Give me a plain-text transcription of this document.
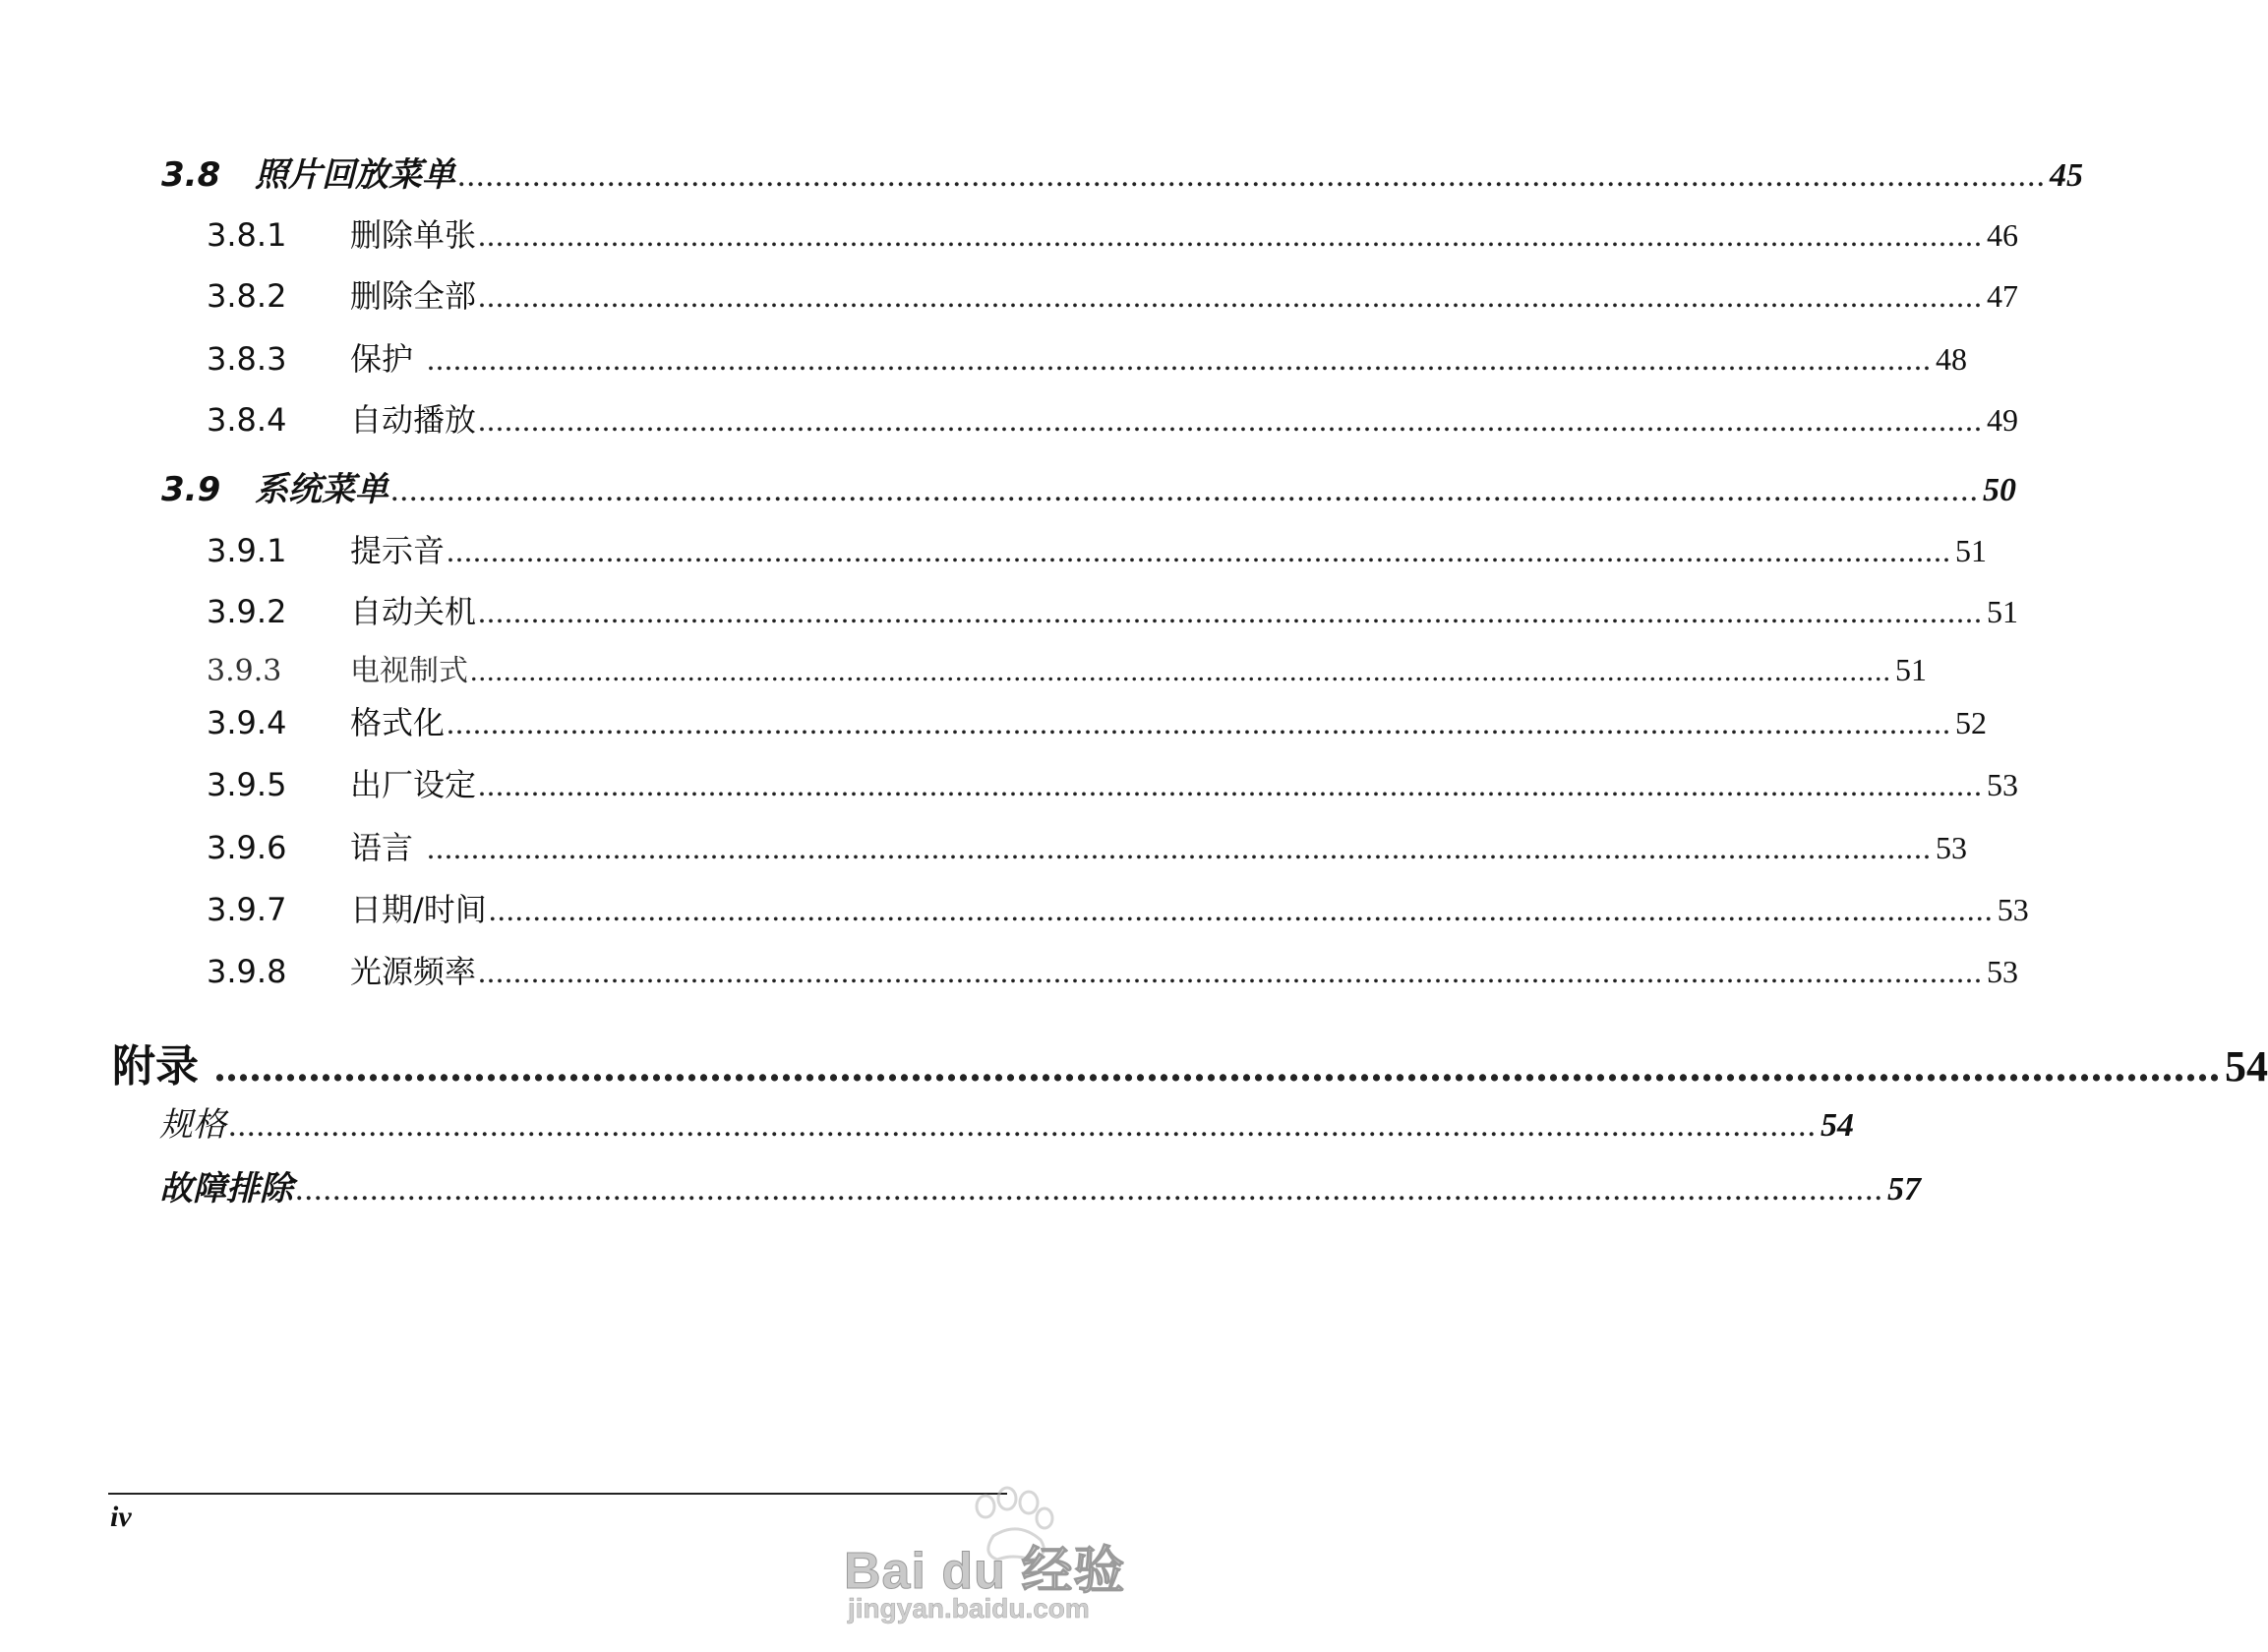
3.8	照片回放菜单 .......................................................................................................................................................................... 45
3.8.1	删除单张 .......................................................................................................................................................................... 46
3.8.2	删除全部 .......................................................................................................................................................................... 47
3.8.3	保护 .......................................................................................................................................................................... 48
3.8.4	自动播放 .......................................................................................................................................................................... 49
3.9	系统菜单 .......................................................................................................................................................................... 50
3.9.1	提示音 .......................................................................................................................................................................... 51
3.9.2	自动关机 .......................................................................................................................................................................... 51
3.9.3	电视制式 .......................................................................................................................................................................... 51
3.9.4	格式化 .......................................................................................................................................................................... 52
3.9.5	出厂设定 .......................................................................................................................................................................... 53
3.9.6	语言 .......................................................................................................................................................................... 53
3.9.7	日期/时间 .......................................................................................................................................................................... 53
3.9.8	光源频率 .......................................................................................................................................................................... 53
附录 .......................................................................................................................................................................... 54
规格 .......................................................................................................................................................................... 54
故障排除 .......................................................................................................................................................................... 57
iv
Bai du 经验
jingyan.baidu.com
